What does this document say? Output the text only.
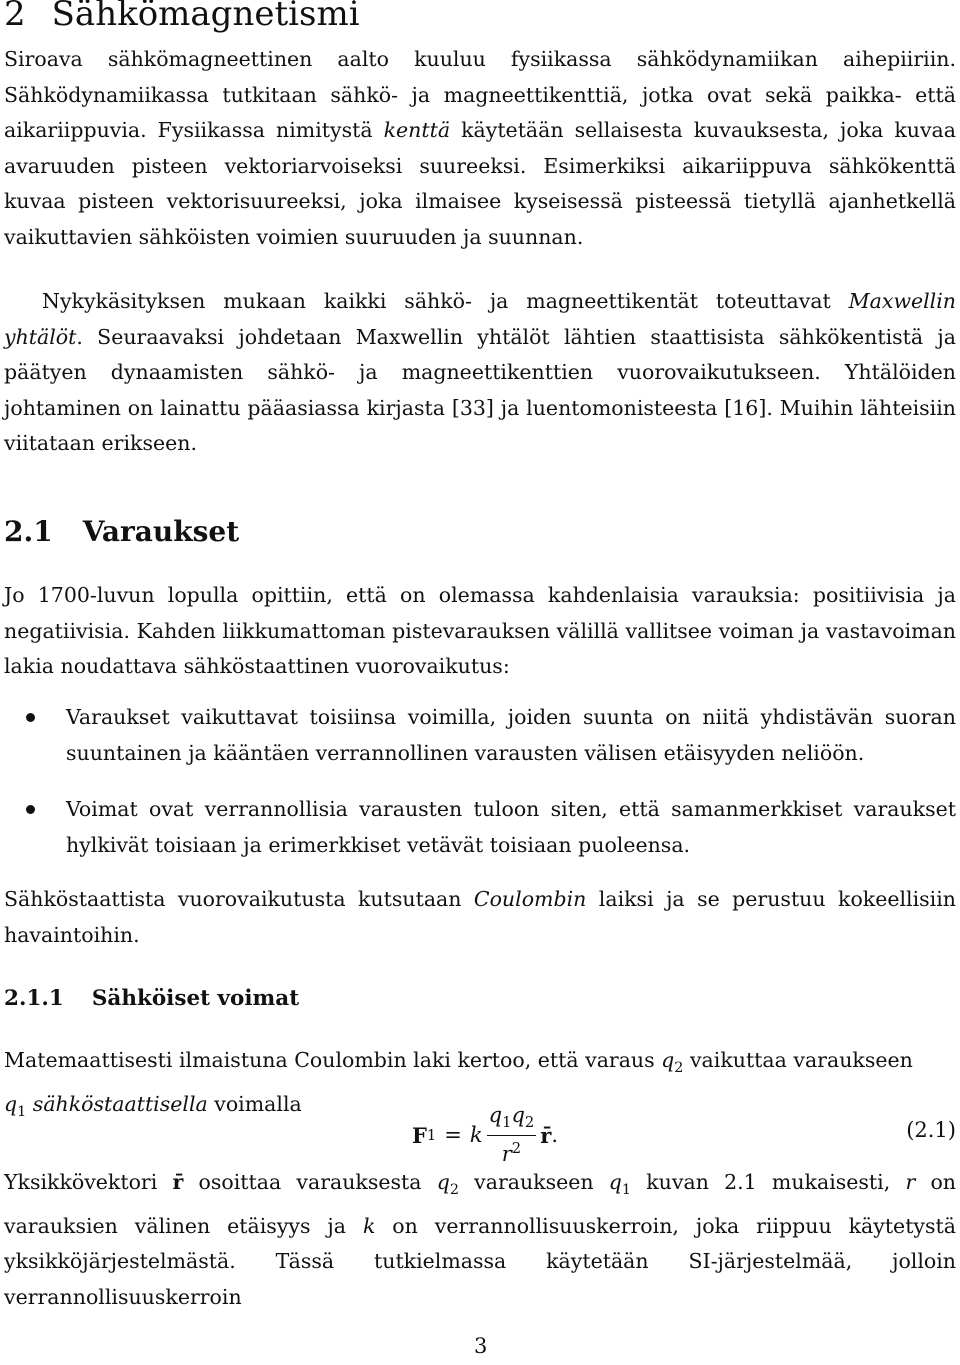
2 Sähkömagnetismi

Siroava sähkömagneettinen aalto kuuluu fysiikassa sähködynamiikan aihepiiriin. Sähködynamiikassa tutkitaan sähkö- ja magneettikenttiä, jotka ovat sekä paikka- että aikariippuvia. Fysiikassa nimitystä kenttä käytetään sellaisesta kuvauksesta, joka kuvaa avaruuden pisteen vektoriarvoiseksi suureeksi. Esimerkiksi aikariippuva sähkökenttä kuvaa pisteen vektorisuureeksi, joka ilmaisee kyseisessä pisteessä tietyllä ajanhetkellä vaikuttavien sähköisten voimien suuruuden ja suunnan.

Nykykäsityksen mukaan kaikki sähkö- ja magneettikentät toteuttavat Maxwellin yhtälöt. Seuraavaksi johdetaan Maxwellin yhtälöt lähtien staattisista sähkökentistä ja päätyen dynaamisten sähkö- ja magneettikenttien vuorovaikutukseen. Yhtälöiden johtaminen on lainattu pääasiassa kirjasta [33] ja luentomonisteesta [16]. Muihin lähteisiin viitataan erikseen.

2.1 Varaukset

Jo 1700-luvun lopulla opittiin, että on olemassa kahdenlaisia varauksia: positiivisia ja negatiivisia. Kahden liikkumattoman pistevarauksen välillä vallitsee voiman ja vastavoiman lakia noudattava sähköstaattinen vuorovaikutus:

Varaukset vaikuttavat toisiinsa voimilla, joiden suunta on niitä yhdistävän suoran suuntainen ja kääntäen verrannollinen varausten välisen etäisyyden neliöön.
Voimat ovat verrannollisia varausten tuloon siten, että samanmerkkiset varaukset hylkivät toisiaan ja erimerkkiset vetävät toisiaan puoleensa.

Sähköstaattista vuorovaikutusta kutsutaan Coulombin laiksi ja se perustuu kokeellisiin havaintoihin.

2.1.1 Sähköiset voimat

Matemaattisesti ilmaistuna Coulombin laki kertoo, että varaus $q_2$ vaikuttaa varaukseen
$q_1$ sähköstaattisella voimalla

F 1 = k $\frac{q_1q_2}{r^2}$ r̄ .	(2.1)

Yksikkövektori r̄ osoittaa varauksesta $q_2$ varaukseen $q_1$ kuvan 2.1 mukaisesti, r on varauksien välinen etäisyys ja k on verrannollisuuskerroin, joka riippuu käytetystä yksikköjärjestelmästä. Tässä tutkielmassa käytetään SI-järjestelmää, jolloin verrannollisuuskerroin

3
